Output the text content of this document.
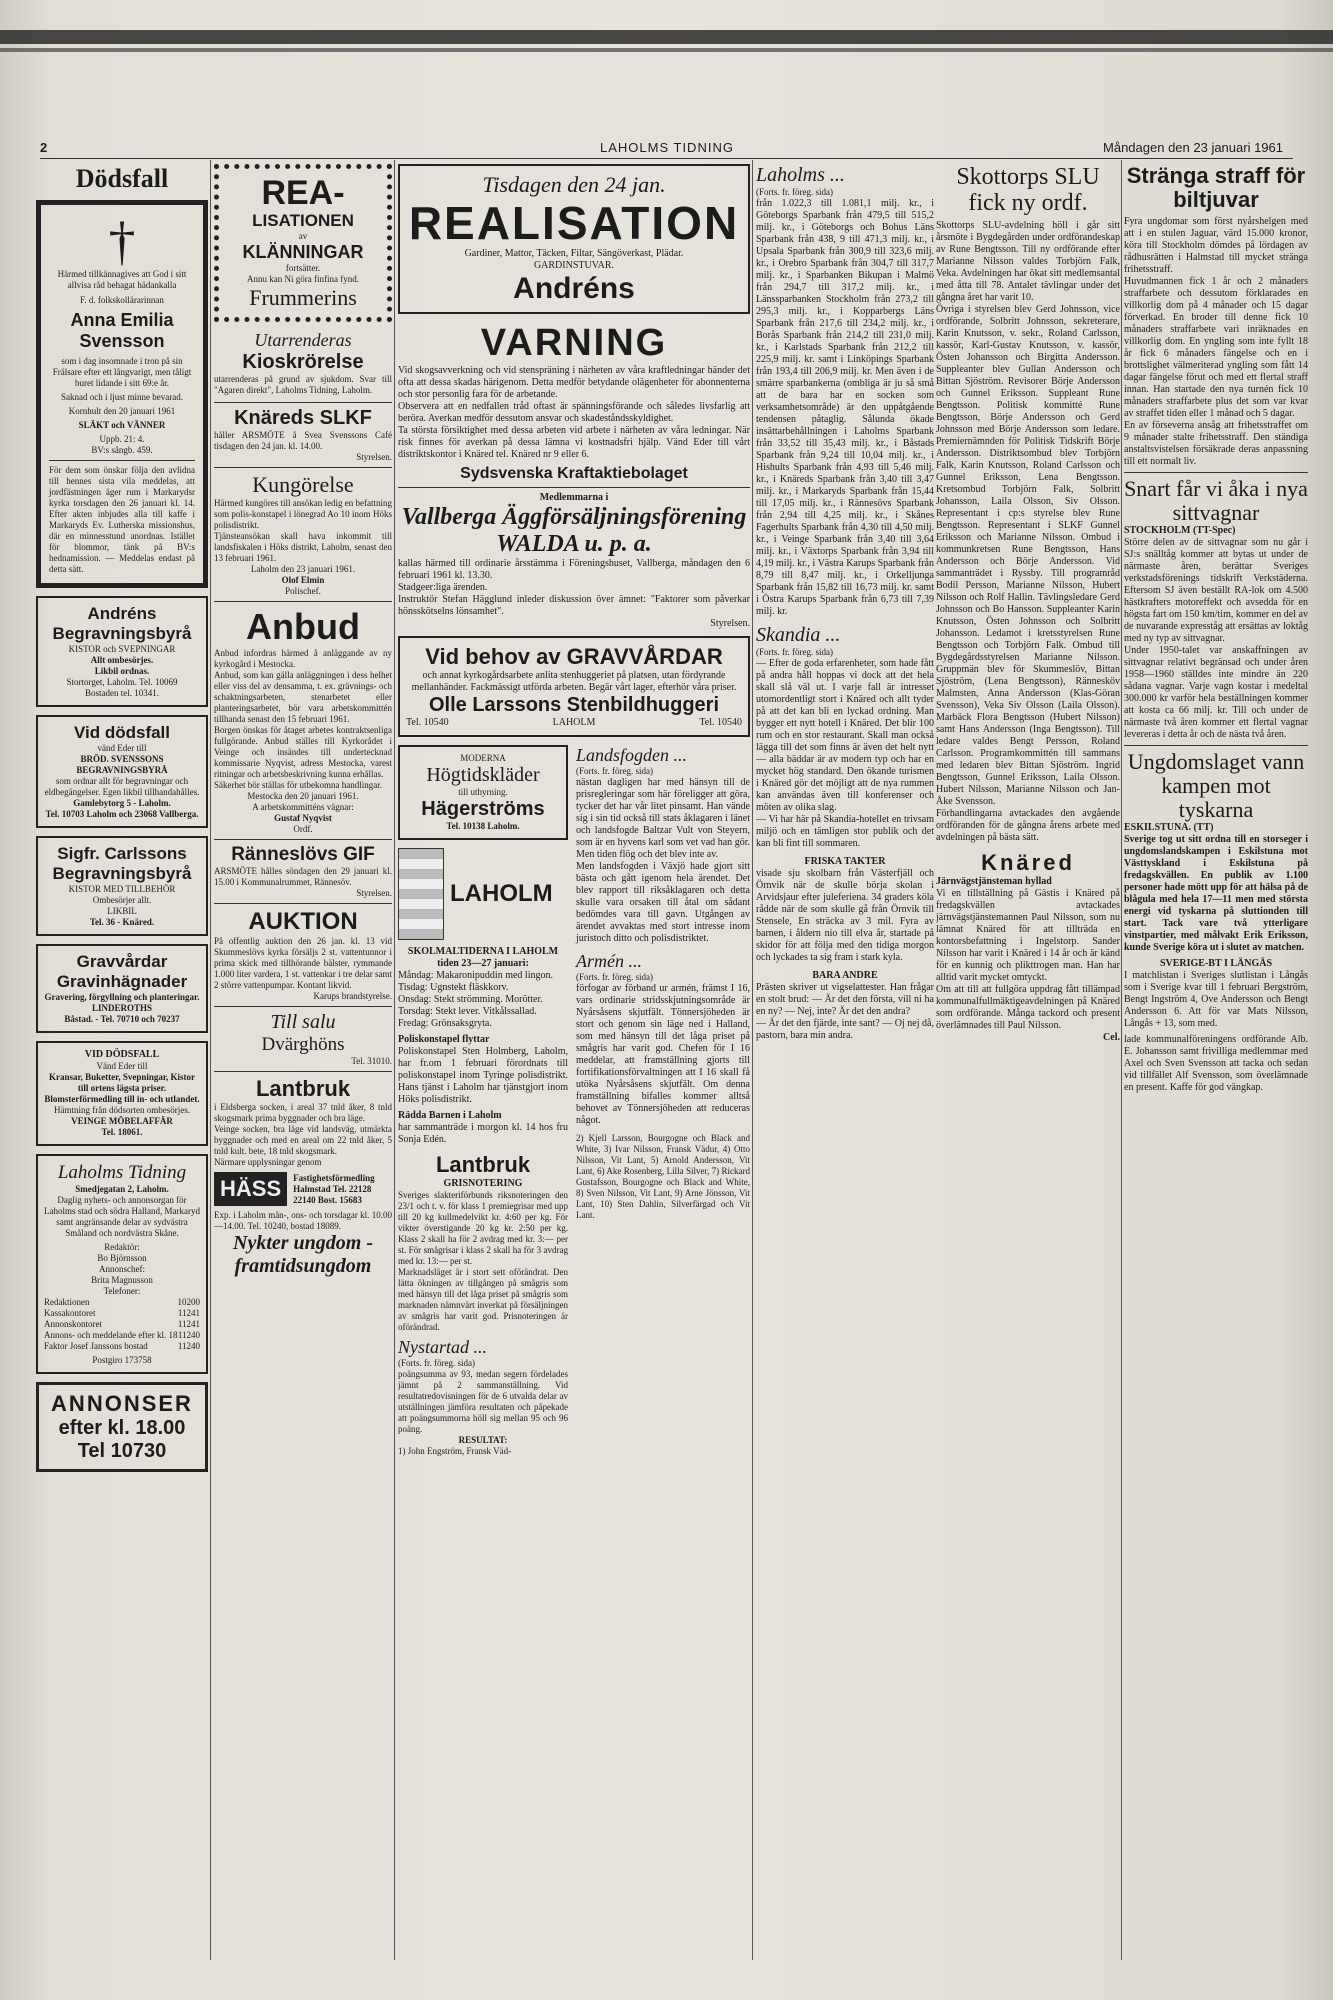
2	LAHOLMS TIDNING	Måndagen den 23 januari 1961
Dödsfall
†
Härmed tillkännagives att God i sitt allvisa råd behagat hädankalla
F. d. folkskollärarinnan
Anna Emilia
Svensson
som i dag insomnade i tron på sin Frälsare efter ett långvarigt, men tåligt buret lidande i sitt 69:e år.
Saknad och i ljust minne bevarad.
Kornhult den 20 januari 1961
SLÄKT och VÄNNER
Uppb. 21: 4.
BV:s sångb. 459.
För dem som önskar följa den avlidna till hennes sista vila meddelas, att jordfästningen äger rum i Markarydsr kyrka torsdagen den 26 januari kl. 14. Efter akten inbjudes alla till kaffe i Markaryds Ev. Lutherska missionshus, där en minnesstund anordnas. Istället för blommor, tänk på BV:s hednamission. — Meddelas endast på detta sätt.
Andréns
Begravningsbyrå
KISTOR och SVEPNINGAR
Allt ombesörjes.
Likbil ordnas.
Stortorget, Laholm. Tel. 10069
Bostaden tel. 10341.
Vid dödsfall
vänd Eder till
BRÖD. SVENSSONS BEGRAVNINGSBYRÅ
som ordnar allt för begravningar och eldbegängelser. Egen likbil tillhandahålles.
Gamlebytorg 5 - Laholm.
Tel. 10703 Laholm och 23068 Vallberga.
Sigfr. Carlssons
Begravningsbyrå
KISTOR MED TILLBEHÖR
Ombesörjer allt.
LIKBIL
Tel. 36 - Knäred.
Gravvårdar
Gravinhägnader
Gravering, förgyllning och planteringar.
LINDEROTHS
Båstad. - Tel. 70710 och 70237
VID DÖDSFALL
Vänd Eder till
Kransar, Buketter, Svepningar, Kistor till ortens lägsta priser. Blomsterförmedling till in- och utlandet.
Hämtning från dödsorten ombesörjes.
VEINGE MÖBELAFFÄR
Tel. 18061.
Laholms Tidning
Smedjegatan 2, Laholm.
Daglig nyhets- och annonsorgan för Laholms stad och södra Halland, Markaryd samt angränsande delar av sydvästra Småland och nordvästra Skåne.
Redaktör:
Bo Björnsson
Annonschef:
Brita Magnusson
Telefoner:
Redaktionen	10200
Kassakontoret	11241
Annonskontoret	11241
Annons- och meddelande efter kl. 18 11240
Faktor Josef Janssons bostad	11240
Postgiro 173758
ANNONSER
efter kl. 18.00
Tel 10730
REA-
LISATIONEN
av
KLÄNNINGAR
fortsätter.
Annu kan Ni göra finfina fynd.
Frummerins
Utarrenderas
Kioskrörelse
utarrenderas på grund av sjukdom. Svar till "Agaren direkt", Laholms Tidning, Laholm.
Knäreds SLKF
håller ARSMÖTE å Svea Svenssons Café tisdagen den 24 jan. kl. 14.00.
Styrelsen.
Kungörelse
Härmed kungöres till ansökan ledig en befattning som polis-konstapel i lönegrad Ao 10 inom Höks polisdistrikt.
Tjänsteansökan skall hava inkommit till landsfiskalen i Höks distrikt, Laholm, senast den 13 februari 1961.
Laholm den 23 januari 1961.
Olof Elmin
Polischef.
Anbud
Anbud infordras härmed å anläggande av ny kyrkogård i Mestocka.
Anbud, som kan gälla anläggningen i dess helhet eller viss del av densamma, t. ex. grävnings- och schaktningsarbeten, stenarbetet eller planteringsarbetet, bör vara arbetskommittén tillhanda senast den 15 februari 1961.
Borgen önskas för åtaget arbetes kontraktsenliga fullgörande. Anbud ställes till Kyrkorådet i Veinge och insändes till undertecknad kommissarie Nyqvist, adress Mestocka, varest ritningar och arbetsbeskrivning kunna erhållas.
Säkerhet bör ställas för utbekomna handlingar.
Mestocka den 20 januari 1961.
A arbetskommitténs vägnar:
Gustaf Nyqvist
Ordf.
Ränneslövs GIF
ARSMÖTE hålles söndagen den 29 januari kl. 15.00 i Kommunalrummet, Rännesöv.
Styrelsen.
AUKTION
På offentlig auktion den 26 jan. kl. 13 vid Skummeslövs kyrka försäljs 2 st. vattentunnor i prima skick med tillhörande bälster, rymmande 1.000 liter vardera, 1 st. vattenkar i tre delar samt 2 större vattenpumpar. Kontant likvid.
Karups brandstyrelse.
Till salu
Dvärghöns
Tel. 31010.
Lantbruk
i Eldsberga socken, i areal 37 tnld åker, 8 tnld skogsmark prima byggnader och bra läge.
Veinge socken, bra läge vid landsväg, utmärkta byggnader och med en areal om 22 tnld åker, 5 tnld kult. bete, 18 tnld skogsmark.
Närmare upplysningar genom
HÄSS	Fastighetsförmedling Halmstad Tel. 22128 22140 Bost. 15683
Exp. i Laholm mån-, ons- och torsdagar kl. 10.00—14.00. Tel. 10240, bostad 18089.
Nykter ungdom -
framtidsungdom
Tisdagen den 24 jan.
REALISATION
Gardiner, Mattor, Täcken, Filtar, Sängöverkast, Plädar.
GARDINSTUVAR.
Andréns
VARNING
Vid skogsavverkning och vid stenspräning i närheten av våra kraftledningar händer det ofta att dessa skadas härigenom. Detta medför betydande olägenheter för abonnenterna och stor personlig fara för de arbetande.
Observera att en nedfallen tråd oftast är spänningsförande och således livsfarlig att beröra. Averkan medför dessutom ansvar och skadeståndsskyldighet.
Ta största försiktighet med dessa arbeten vid arbete i närheten av våra ledningar. När risk finnes för averkan på dessa lämna vi kostnadsfri hjälp. Vänd Eder till vårt distriktskontor i Knäred tel. Knäred nr 9 eller 6.
Sydsvenska Kraftaktiebolaget
Medlemmarna i
Vallberga Äggförsäljningsförening
WALDA u. p. a.
kallas härmed till ordinarie årsstämma i Föreningshuset, Vallberga, måndagen den 6 februari 1961 kl. 13.30.
Stadgeer:liga ärenden.
Instruktör Stefan Hägglund inleder diskussion över ämnet: "Faktorer som påverkar hönsskötselns lönsamhet".
Styrelsen.
Vid behov av GRAVVÅRDAR
och annat kyrkogårdsarbete anlita stenhuggeriet på platsen, utan fördyrande mellanhänder. Fackmässigt utförda arbeten. Begär vårt lager, efterhör våra priser.
Olle Larssons Stenbildhuggeri
Tel. 10540	LAHOLM	Tel. 10540
MODERNA
Högtidskläder
till uthyrning.
Hägerströms
Tel. 10138 Laholm.
LAHOLM
SKOLMALTIDERNA I LAHOLM
tiden 23—27 januari:
Måndag: Makaronipuddin med lingon.
Tisdag: Ugnstekt fläskkorv.
Onsdag: Stekt strömming. Morötter.
Torsdag: Stekt lever. Vitkålssallad.
Fredag: Grönsaksgryta.
Poliskonstapel flyttar
Poliskonstapel Sten Holmberg, Laholm, har fr.om 1 februari förordnats till poliskonstapel inom Tyringe polisdistrikt. Hans tjänst i Laholm har tjänstgjort inom Höks polisdistrikt.
Rädda Barnen i Laholm
har sammanträde i morgon kl. 14 hos fru Sonja Edén.
Lantbruk
GRISNOTERING
Sveriges slakteriförbunds riksnoteringen den 23/1 och t. v. för klass 1 premiegrisar med upp till 20 kg kullmedelvikt kr. 4:60 per kg. För vikter överstigande 20 kg kr. 2:50 per kg. Klass 2 skall ha för 2 avdrag med kr. 3:— per st. För smågrisar i klass 2 skall ha för 3 avdrag med kr. 13:— per st.
Marknadsläget är i stort sett oförändrat. Den lätta ökningen av tillgången på smågris som med hänsyn till det låga priset på smågris som marknaden nämnvärt inverkat på försäljningen av smågris har varit god. Prisnoteringen är oförändrad.
Nystartad ...
(Forts. fr. föreg. sida)
poängsumma av 93, medan segern fördelades jämnt på 2 sammanställning. Vid resultatredovisningen för de 6 utvalda delar av utställningen jämföra resultaten och påpekade att poängsummorna höll sig mellan 95 och 96 poäng.
RESULTAT:
1) John Engström, Fransk Väd-
Landsfogden ...
(Forts. fr. föreg. sida)
nästan dagligen har med hänsyn till de prisregleringar som här föreligger att göra, tycker det har vår litet pinsamt. Han vände sig i sin tid också till stats åklagaren i länet och landsfogde Baltzar Vult von Steyern, som är en hyvens karl som vet vad han gör. Men tiden flög och det blev inte av.
Men landsfogden i Växjö hade gjort sitt bästa och gått igenom hela ärendet. Det blev rapport till riksåklagaren och detta skulle vara orsaken till åtal om sådant bedömdes vara till gavn. Utgången av ärendet avvaktas med stort intresse inom juristoch ditto och polisdistriktet.
Armén ...
(Forts. fr. föreg. sida)
förfogar av förband ur armén, främst I 16, vars ordinarie stridsskjutningsområde är Nyårsåsens skjutfält. Tönnersjöheden är stort och genom sin läge ned i Halland, som med hänsyn till det låga priset på smågris har varit god. Chefen för I 16 meddelar, att framställning gjorts till fortifikationsförvaltningen att I 16 skall få utöka Nyårsåsens skjutfält. Om denna framställning bifalles kommer alltså behovet av Tönnersjöheden att reduceras något.
2) Kjell Larsson, Bourgogne och Black and White, 3) Ivar Nilsson, Fransk Vädur, 4) Otto Nilsson, Vit Lant, 5) Arnold Andersson, Vit Lant, 6) Ake Rosenberg, Lilla Silver, 7) Rickard Gustafsson, Bourgogne och Black and White, 8) Sven Nilsson, Vit Lant, 9) Arne Jönsson, Vit Lant, 10) Sten Dahlin, Silverfärgad och Vit Lant.
Laholms ...
(Forts. fr. föreg. sida)
från 1.022,3 till 1.081,1 milj. kr., i Göteborgs Sparbank från 479,5 till 515,2 milj. kr., i Göteborgs och Bohus Läns Sparbank från 438, 9 till 471,3 milj. kr., i Upsala Sparbank från 300,9 till 323,6 milj. kr., i Orebro Sparbank från 304,7 till 317,7 milj. kr., i Sparbanken Bikupan i Malmö från 294,7 till 317,2 milj. kr., i Länssparbanken Stockholm från 273,2 till 295,3 milj. kr., i Kopparbergs Läns Sparbank från 217,6 till 234,2 milj. kr., i Borås Sparbank från 214,2 till 231,0 milj. kr., i Karlstads Sparbank från 212,2 till 225,9 milj. kr. samt i Linköpings Sparbank från 193,4 till 206,9 milj. kr. Men även i de smärre sparbankerna (ombliga är ju så små att de bara har en socken som verksamhetsområde) är den uppåtgående tendensen påtaglig. Sålunda ökade insättarbehållningen i Laholms Sparbank från 33,52 till 35,43 milj. kr., i Båstads Sparbank från 9,24 till 10,04 milj. kr., i Hishults Sparbank från 4,93 till 5,46 milj. kr., i Knäreds Sparbank från 3,40 till 3,47 milj. kr., i Markaryds Sparbank från 15,44 till 17,05 milj. kr., i Rännesövs Sparbank från 2,94 till 4,25 milj. kr., i Skånes Fagerhults Sparbank från 4,30 till 4,50 milj. kr., i Veinge Sparbank från 3,40 till 3,64 milj. kr., i Växtorps Sparbank från 3,94 till 4,19 milj. kr., i Västra Karups Sparbank från 8,79 till 8,47 milj. kr., i Orkelljunga Sparbank från 15,82 till 16,73 milj. kr. samt i Östra Karups Sparbank från 6,73 till 7,39 milj. kr.
Skandia ...
(Forts. fr. föreg. sida)
— Efter de goda erfarenheter, som hade fått på andra håll hoppas vi dock att det hela skall slå väl ut. I varje fall är intresset utomordentligt stort i Knäred och allt tyder på att det kan bli en lyckad ordning. Man bygger ett nytt hotell i Knäred. Det blir 100 rum och en stor restaurant. Skall man också lägga till det som finns är även det helt nytt — alla bäddar är av modern typ och har en mycket hög standard. Den ökande turismen i Knäred gör det möjligt att de nya rummen kan användas även till konferenser och möten av olika slag.
— Vi har här på Skandia-hotellet en trivsam miljö och en tämligen stor publik och det kan bli fint till sommaren.
FRISKA TAKTER
visade sju skolbarn från Västerfjäll och Örnvik när de skulle börja skolan i Arvidsjaur efter juleferiena. 34 graders köla rådde när de som skulle gå från Örnvik till Stensele, En sträcka av 3 mil. Fyra av barnen, i åldern nio till elva år, startade på skidor för att följa med den tidiga morgon och lyckades ta sig fram i stark kyla.
BARA ANDRE
Prästen skriver ut vigselattester. Han frågar en stolt brud: — Är det den första, vill ni ha en ny? — Nej, inte? Är det den andra?
— Är det den fjärde, inte sant? — Oj nej då, pastorn, bara min andra.
Skottorps SLU fick ny ordf.
Skottorps SLU-avdelning höll i går sitt årsmöte i Bygdegården under ordförandeskap av Rune Bengtsson. Till ny ordförande efter Marianne Nilsson valdes Torbjörn Falk, Veka. Avdelningen har ökat sitt medlemsantal med åtta till 78. Antalet tävlingar under det gångna året har varit 10.
Övriga i styrelsen blev Gerd Johnsson, vice ordförande, Solbritt Johnsson, sekreterare, Karin Knutsson, v. sekr., Roland Carlsson, kassör, Karl-Gustav Knutsson, v. kassör, Östen Johansson och Birgitta Andersson. Suppleanter blev Gullan Andersson och Bittan Sjöström. Revisorer Börje Andersson och Gunnel Eriksson. Suppleant Rune Bengtsson. Politisk kommitté Rune Bengtsson, Börje Andersson och Gerd Johnsson med Börje Andersson som ledare. Premiernämnden för Politisk Tidskrift Börje Andersson. Distriktsombud blev Torbjörn Falk, Karin Knutsson, Roland Carlsson och Gunnel Eriksson, Lena Bengtsson. Kretsombud Torbjörn Falk, Solbritt Johansson, Laila Olsson, Siv Olsson. Representant i cp:s styrelse blev Rune Bengtsson. Representant i SLKF Gunnel Eriksson och Marianne Nilsson. Ombud i kommunkretsen Rune Bengtsson, Hans Andersson och Börje Andersson. Vid sammanträdet i Ryssby. Till programråd Bodil Persson, Marianne Nilsson, Hubert Nilsson och Rolf Hallin. Tävlingsledare Gerd Johnsson och Bo Hansson. Suppleanter Karin Knutsson, Östen Johnsson och Solbritt Johansson. Ledamot i kretsstyrelsen Rune Bengtsson och Torbjörn Falk. Ombud till Bygdegårdsstyrelsen Marianne Nilsson. Gruppmän blev för Skummeslöv, Bittan Sjöström, (Lena Bengtsson), Rännesköv Malmsten, Anna Andersson (Klas-Göran Svensson), Veka Siv Olsson (Laila Olsson). Marbäck Flora Bengtsson (Hubert Nilsson) samt Hans Andersson (Inga Bengtsson). Till ledare valdes Bengt Persson, Roland Carlsson. Programkommittén till sammans med ledaren blev Bittan Sjöström. Ingrid Bengtsson, Gunnel Eriksson, Laila Olsson. Hubert Nilsson, Marianne Nilsson och Jan-Åke Svensson.
Förhandlingarna avtackades den avgående ordföranden för de gångna årens arbete med avdelningen på bästa sätt.
Knäred
Järnvägstjänsteman hyllad
Vi en tillställning på Gästis i Knäred på fredagskvällen avtackades järnvägstjänstemannen Paul Nilsson, som nu lämnat Knäred för att tillträda en kontorsbefattning i Ingelstorp. Sander Nilsson har varit i Knäred i 14 år och är känd för en kunnig och plikttrogen man. Han har alltid varit mycket omtyckt.
Om att till att fullgöra uppdrag fått tillämpad kommunalfullmäktigeavdelningen på Knäred som ordförande. Många tackord och present överlämnades till Paul Nilsson.
Cel.
Stränga straff för biltjuvar
Fyra ungdomar som först nyårshelgen med att i en stulen Jaguar, värd 15.000 kronor, köra till Stockholm dömdes på lördagen av rådhusrätten i Halmstad till mycket stränga frihetsstraff.
Huvudmannen fick 1 år och 2 månaders straffarbete och dessutom förklarades en villkorlig dom på 4 månader och 15 dagar förverkad. En broder till denne fick 10 månaders straffarbete vari inräknades en villkorlig dom. En yngling som inte fyllt 18 år fick 6 månaders fängelse och en i brottslighet välmeriterad yngling som fått 14 dagar fängelse förut och med ett flertal straff innan. Han startade den nya turnén fick 10 månaders straffarbete plus det som var kvar av straffet tiden eller 1 månad och 5 dagar.
En av förseverna ansåg att frihetsstraffet om 9 månader stalte frihetsstraff. Den ständiga anstaltsvistelsen försäkrade deras anpassning till ett normalt liv.
Snart får vi åka i nya sittvagnar
STOCKHOLM (TT-Spec)
Större delen av de sittvagnar som nu går i SJ:s snälltåg kommer att bytas ut under de närmaste åren, berättar Sveriges verkstadsförenings tidskrift Verkstäderna. Eftersom SJ även beställt RA-lok om 4.500 hästkrafters motoreffekt och avsedda för en högsta fart om 150 km/tim, kommer en del av de nuvarande expresståg att ersättas av loktåg med ny typ av sittvagnar.
Under 1950-talet var anskaffningen av sittvagnar relativt begränsad och under åren 1958—1960 ställdes inte mindre än 220 sådana vagnar. Varje vagn kostar i medeltal 300.000 kr varför hela beställningen kommer att kosta ca 66 milj. kr. Till och under de närmaste två åren kommer ett flertal vagnar levereras i detta år och de nästa två åren.
Ungdomslaget vann kampen mot tyskarna
ESKILSTUNA. (TT)
Sverige tog ut sitt ordna till en storseger i ungdomslandskampen i Eskilstuna mot Västtyskland i Eskilstuna på fredagskvällen. En publik av 1.100 personer hade mött upp för att hälsa på de blågula med hela 17—11 men med största energi vid tyskarna på sluttionden till start. Tack vare två ytterligare vinstpartier, med målvakt Erik Eriksson, kunde Sverige köra ut i slutet av matchen.
SVERIGE-BT I LÄNGÄS
I matchlistan i Sveriges slutlistan i Långås som i Sverige kvar till 1 februari Bergström, Bengt Ingström 4, Ove Andersson och Bengt Andersson 6. Att för var Mats Nilsson, Långås + 13, som med.
lade kommunalföreningens ordförande Alb. E. Johansson samt frivilliga medlemmar med Axel och Sven Svensson att tacka och sedan vid tillfället Alf Svensson, som överlämnade en present. Kaffe för god vängkap.
